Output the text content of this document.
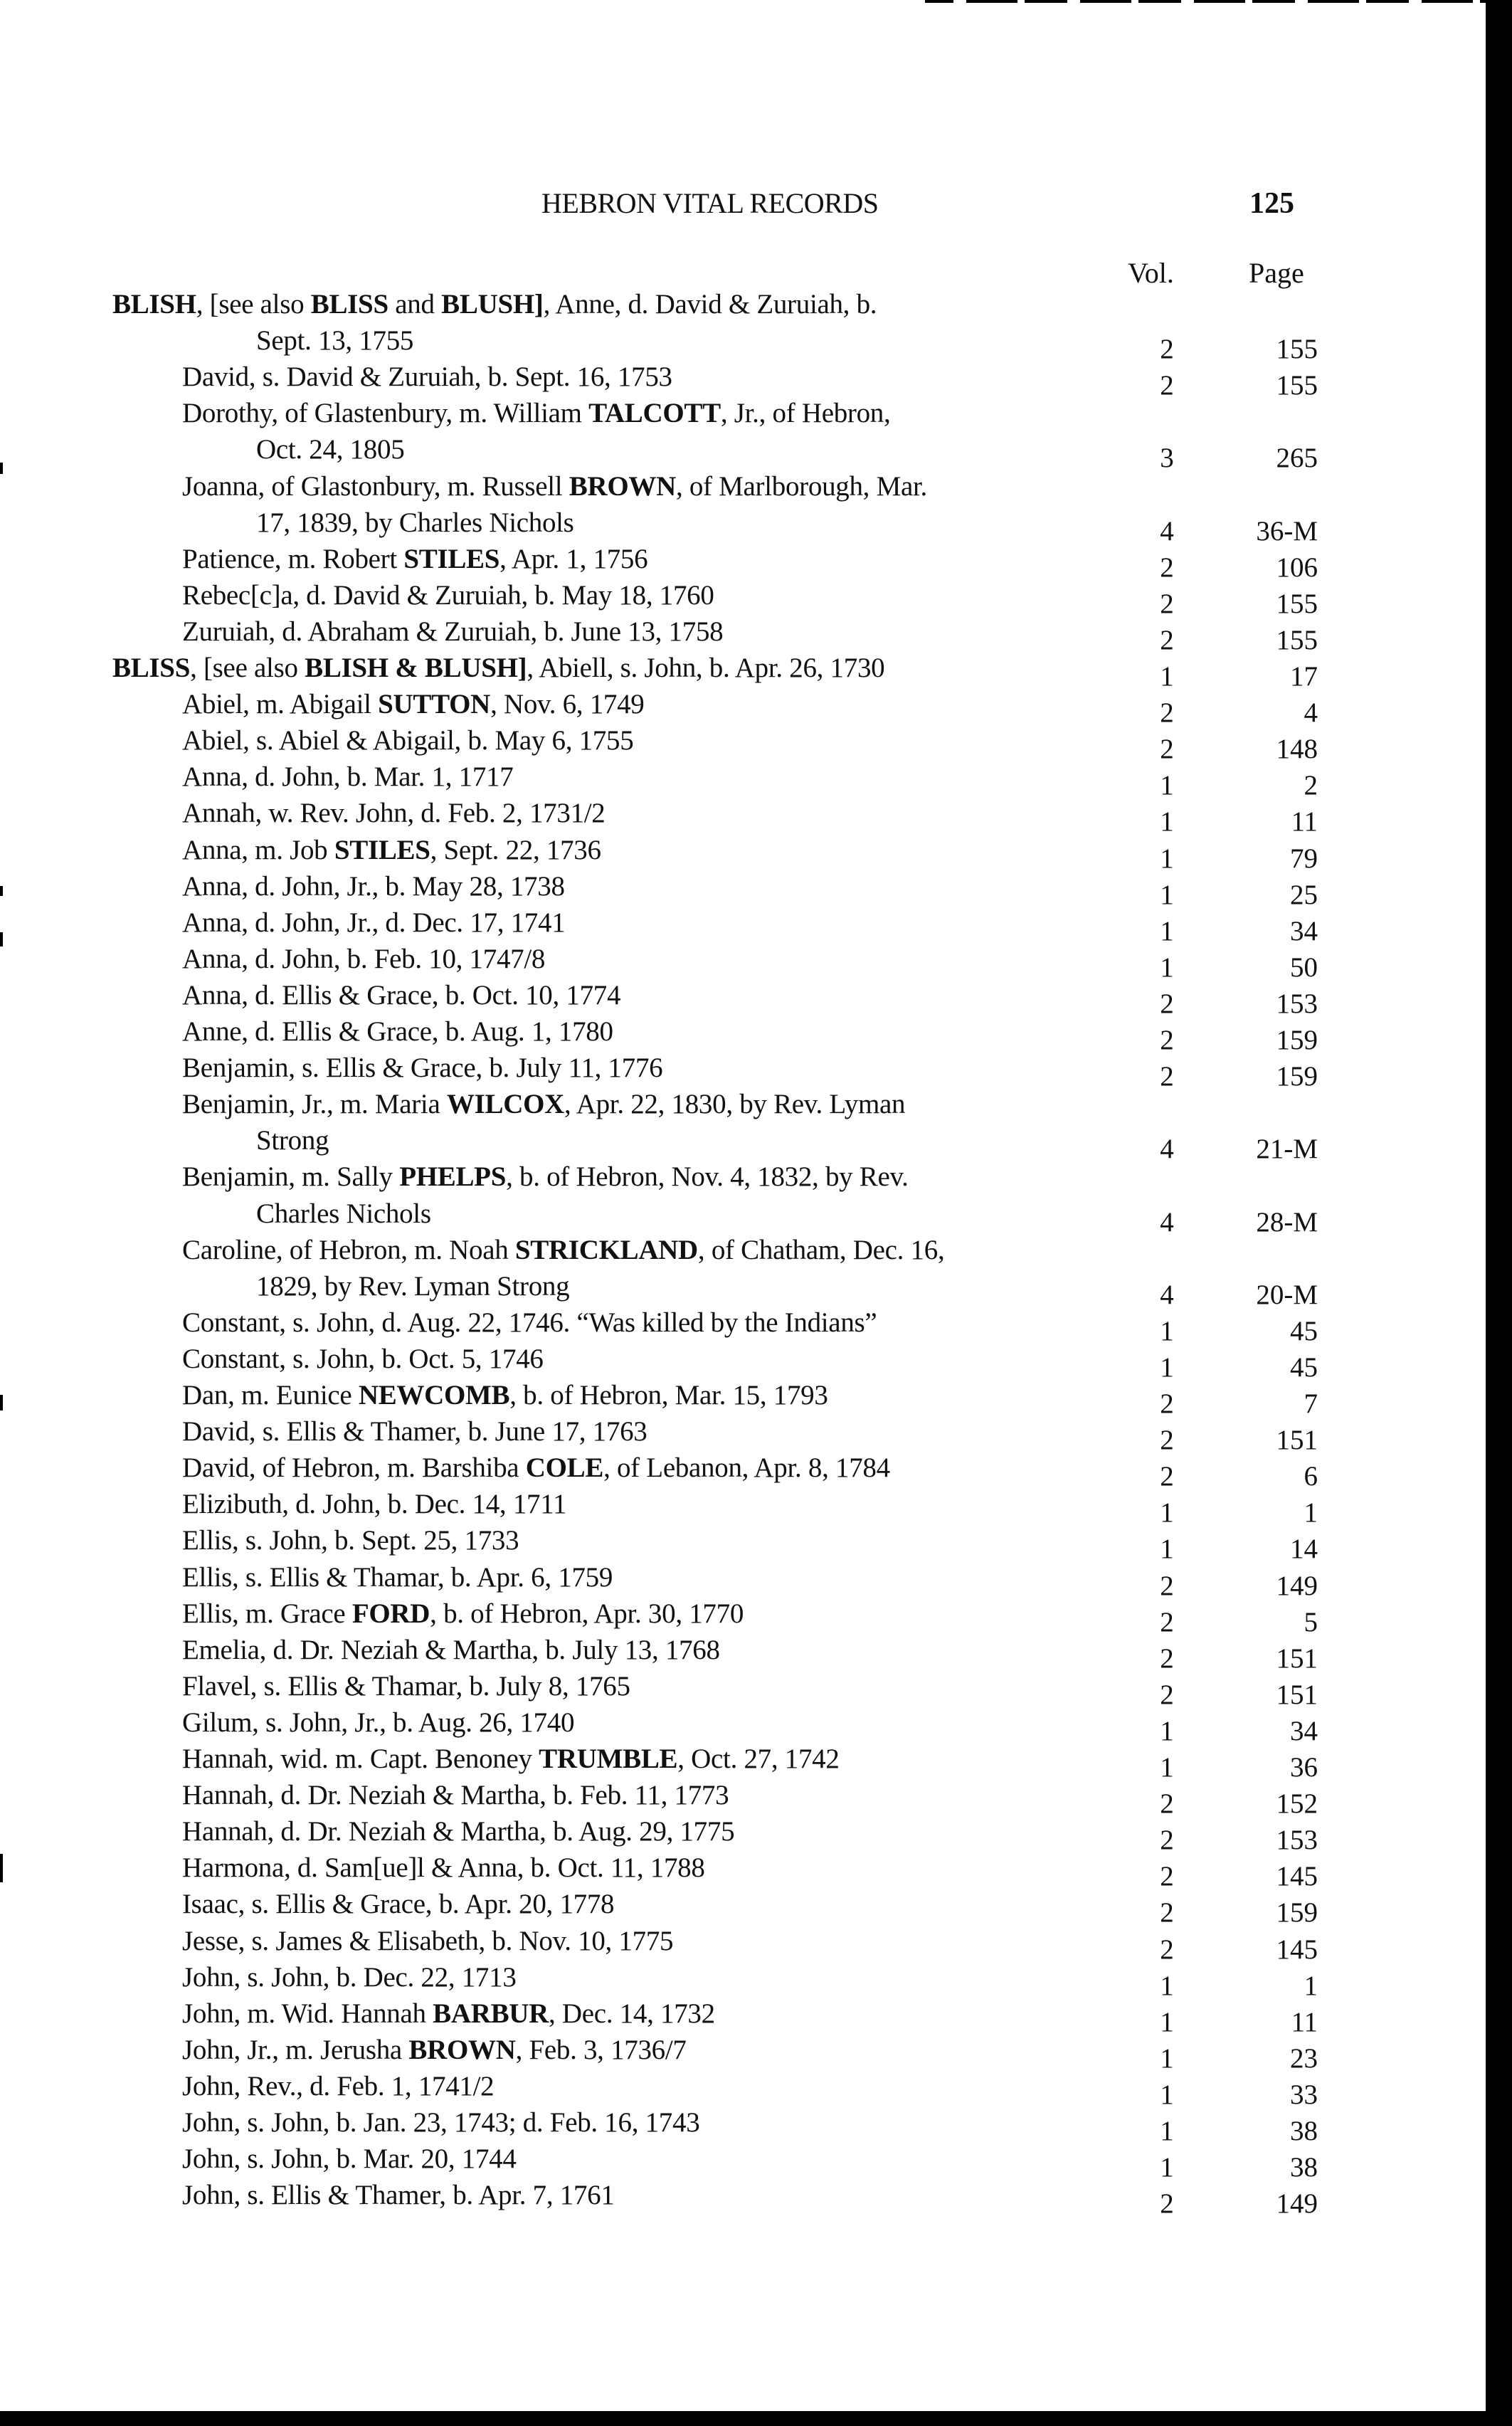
HEBRON VITAL RECORDS	125
Vol.	Page
BLISH, [see also BLISS and BLUSH], Anne, d. David & Zuruiah, b.
Sept. 13, 1755	2	155
David, s. David & Zuruiah, b. Sept. 16, 1753	2	155
Dorothy, of Glastenbury, m. William TALCOTT, Jr., of Hebron,
Oct. 24, 1805	3	265
Joanna, of Glastonbury, m. Russell BROWN, of Marlborough, Mar.
17, 1839, by Charles Nichols	4	36-M
Patience, m. Robert STILES, Apr. 1, 1756	2	106
Rebec[c]a, d. David & Zuruiah, b. May 18, 1760	2	155
Zuruiah, d. Abraham & Zuruiah, b. June 13, 1758	2	155
BLISS, [see also BLISH & BLUSH], Abiell, s. John, b. Apr. 26, 1730	1	17
Abiel, m. Abigail SUTTON, Nov. 6, 1749	2	4
Abiel, s. Abiel & Abigail, b. May 6, 1755	2	148
Anna, d. John, b. Mar. 1, 1717	1	2
Annah, w. Rev. John, d. Feb. 2, 1731/2	1	11
Anna, m. Job STILES, Sept. 22, 1736	1	79
Anna, d. John, Jr., b. May 28, 1738	1	25
Anna, d. John, Jr., d. Dec. 17, 1741	1	34
Anna, d. John, b. Feb. 10, 1747/8	1	50
Anna, d. Ellis & Grace, b. Oct. 10, 1774	2	153
Anne, d. Ellis & Grace, b. Aug. 1, 1780	2	159
Benjamin, s. Ellis & Grace, b. July 11, 1776	2	159
Benjamin, Jr., m. Maria WILCOX, Apr. 22, 1830, by Rev. Lyman
Strong	4	21-M
Benjamin, m. Sally PHELPS, b. of Hebron, Nov. 4, 1832, by Rev.
Charles Nichols	4	28-M
Caroline, of Hebron, m. Noah STRICKLAND, of Chatham, Dec. 16,
1829, by Rev. Lyman Strong	4	20-M
Constant, s. John, d. Aug. 22, 1746. “Was killed by the Indians”	1	45
Constant, s. John, b. Oct. 5, 1746	1	45
Dan, m. Eunice NEWCOMB, b. of Hebron, Mar. 15, 1793	2	7
David, s. Ellis & Thamer, b. June 17, 1763	2	151
David, of Hebron, m. Barshiba COLE, of Lebanon, Apr. 8, 1784	2	6
Elizibuth, d. John, b. Dec. 14, 1711	1	1
Ellis, s. John, b. Sept. 25, 1733	1	14
Ellis, s. Ellis & Thamar, b. Apr. 6, 1759	2	149
Ellis, m. Grace FORD, b. of Hebron, Apr. 30, 1770	2	5
Emelia, d. Dr. Neziah & Martha, b. July 13, 1768	2	151
Flavel, s. Ellis & Thamar, b. July 8, 1765	2	151
Gilum, s. John, Jr., b. Aug. 26, 1740	1	34
Hannah, wid. m. Capt. Benoney TRUMBLE, Oct. 27, 1742	1	36
Hannah, d. Dr. Neziah & Martha, b. Feb. 11, 1773	2	152
Hannah, d. Dr. Neziah & Martha, b. Aug. 29, 1775	2	153
Harmona, d. Sam[ue]l & Anna, b. Oct. 11, 1788	2	145
Isaac, s. Ellis & Grace, b. Apr. 20, 1778	2	159
Jesse, s. James & Elisabeth, b. Nov. 10, 1775	2	145
John, s. John, b. Dec. 22, 1713	1	1
John, m. Wid. Hannah BARBUR, Dec. 14, 1732	1	11
John, Jr., m. Jerusha BROWN, Feb. 3, 1736/7	1	23
John, Rev., d. Feb. 1, 1741/2	1	33
John, s. John, b. Jan. 23, 1743; d. Feb. 16, 1743	1	38
John, s. John, b. Mar. 20, 1744	1	38
John, s. Ellis & Thamer, b. Apr. 7, 1761	2	149
